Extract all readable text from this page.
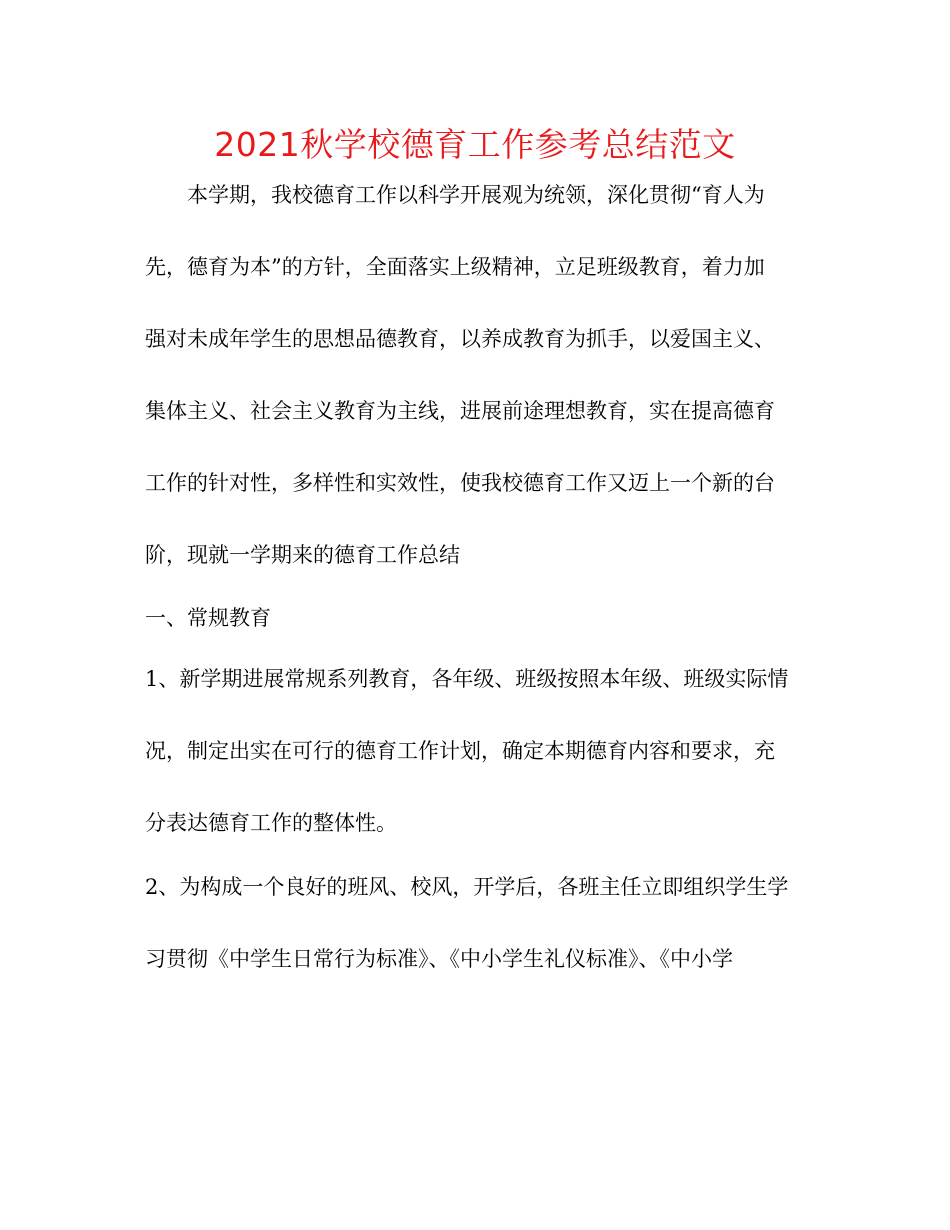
2021秋学校德育工作参考总结范文
本学期，我校德育工作以科学开展观为统领，深化贯彻“育人为
先，德育为本”的方针，全面落实上级精神，立足班级教育，着力加
强对未成年学生的思想品德教育，以养成教育为抓手，以爱国主义、
集体主义、社会主义教育为主线，进展前途理想教育，实在提高德育
工作的针对性，多样性和实效性，使我校德育工作又迈上一个新的台
阶，现就一学期来的德育工作总结
一、常规教育
1、新学期进展常规系列教育，各年级、班级按照本年级、班级实际情
况，制定出实在可行的德育工作计划，确定本期德育内容和要求，充
分表达德育工作的整体性。
2、为构成一个良好的班风、校风，开学后，各班主任立即组织学生学
习贯彻《中学生日常行为标准》、《中小学生礼仪标准》、《中小学
